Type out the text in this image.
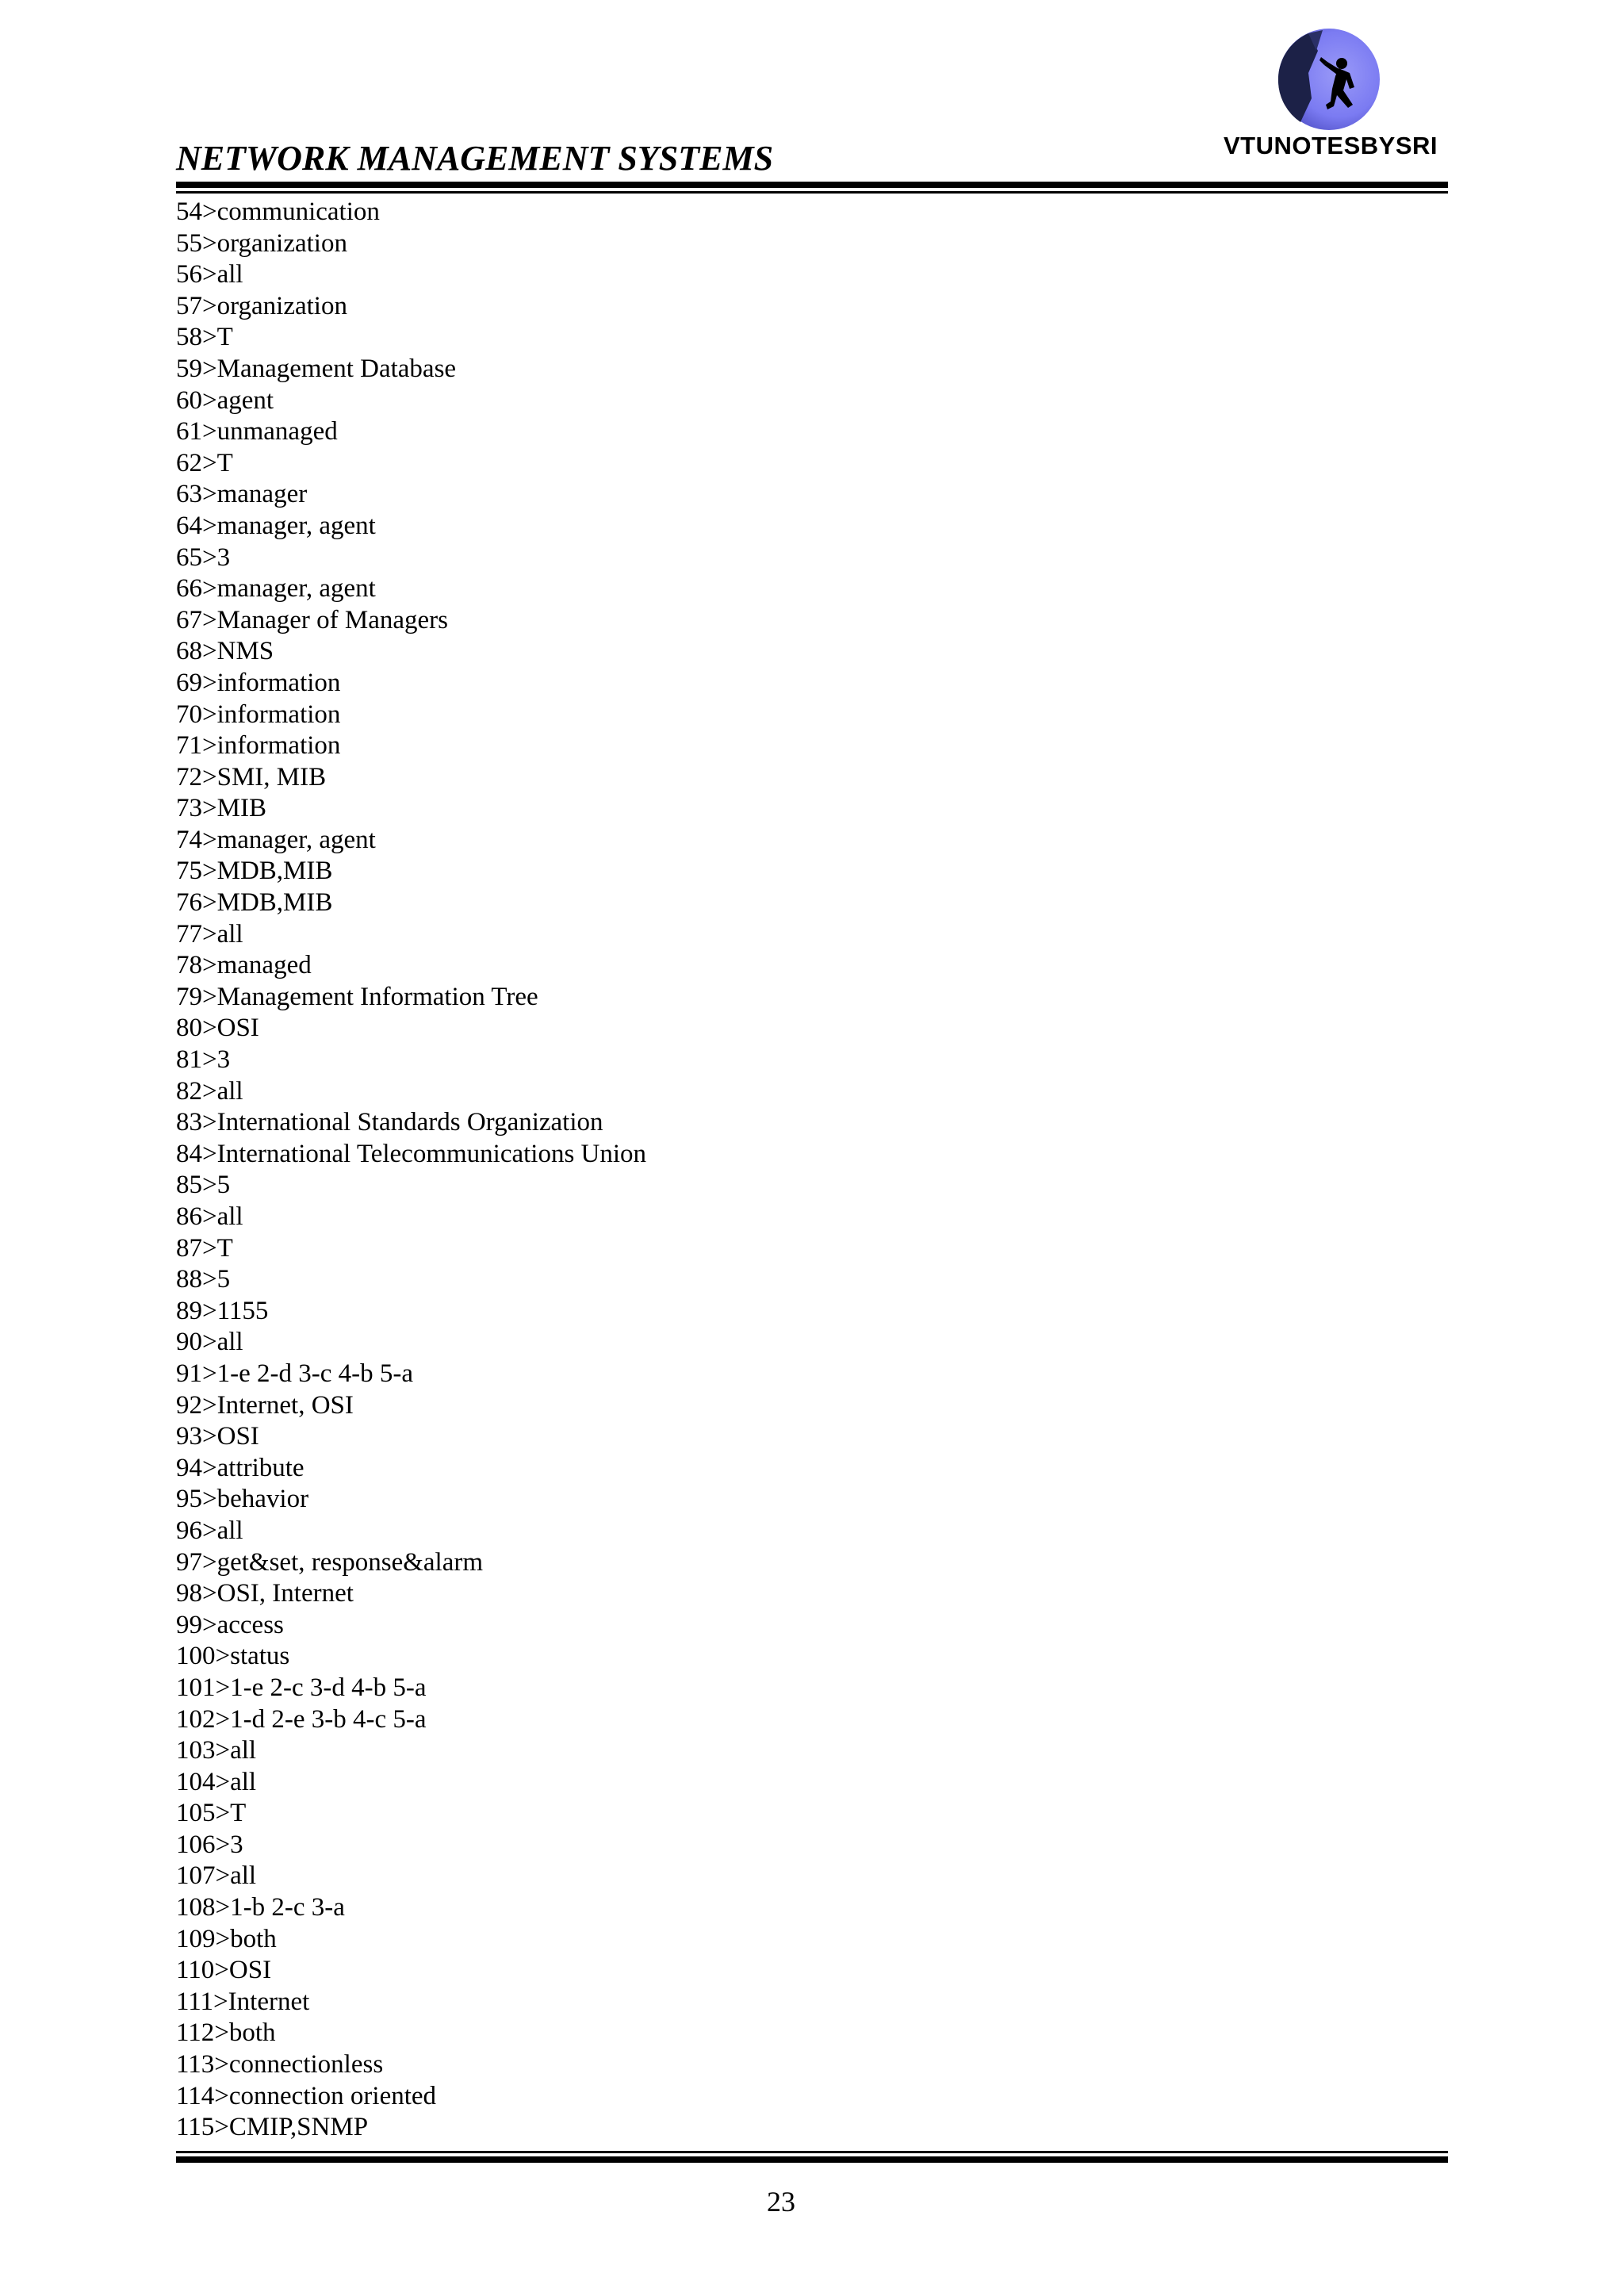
NETWORK MANAGEMENT SYSTEMS	VTUNOTESBYSRI
54>communication
55>organization
56>all
57>organization
58>T
59>Management Database
60>agent
61>unmanaged
62>T
63>manager
64>manager, agent
65>3
66>manager, agent
67>Manager of Managers
68>NMS
69>information
70>information
71>information
72>SMI, MIB
73>MIB
74>manager, agent
75>MDB,MIB
76>MDB,MIB
77>all
78>managed
79>Management Information Tree
80>OSI
81>3
82>all
83>International Standards Organization
84>International Telecommunications Union
85>5
86>all
87>T
88>5
89>1155
90>all
91>1-e 2-d 3-c 4-b 5-a
92>Internet, OSI
93>OSI
94>attribute
95>behavior
96>all
97>get&set, response&alarm
98>OSI, Internet
99>access
100>status
101>1-e 2-c 3-d 4-b 5-a
102>1-d 2-e 3-b 4-c 5-a
103>all
104>all
105>T
106>3
107>all
108>1-b 2-c 3-a
109>both
110>OSI
111>Internet
112>both
113>connectionless
114>connection oriented
115>CMIP,SNMP
23
